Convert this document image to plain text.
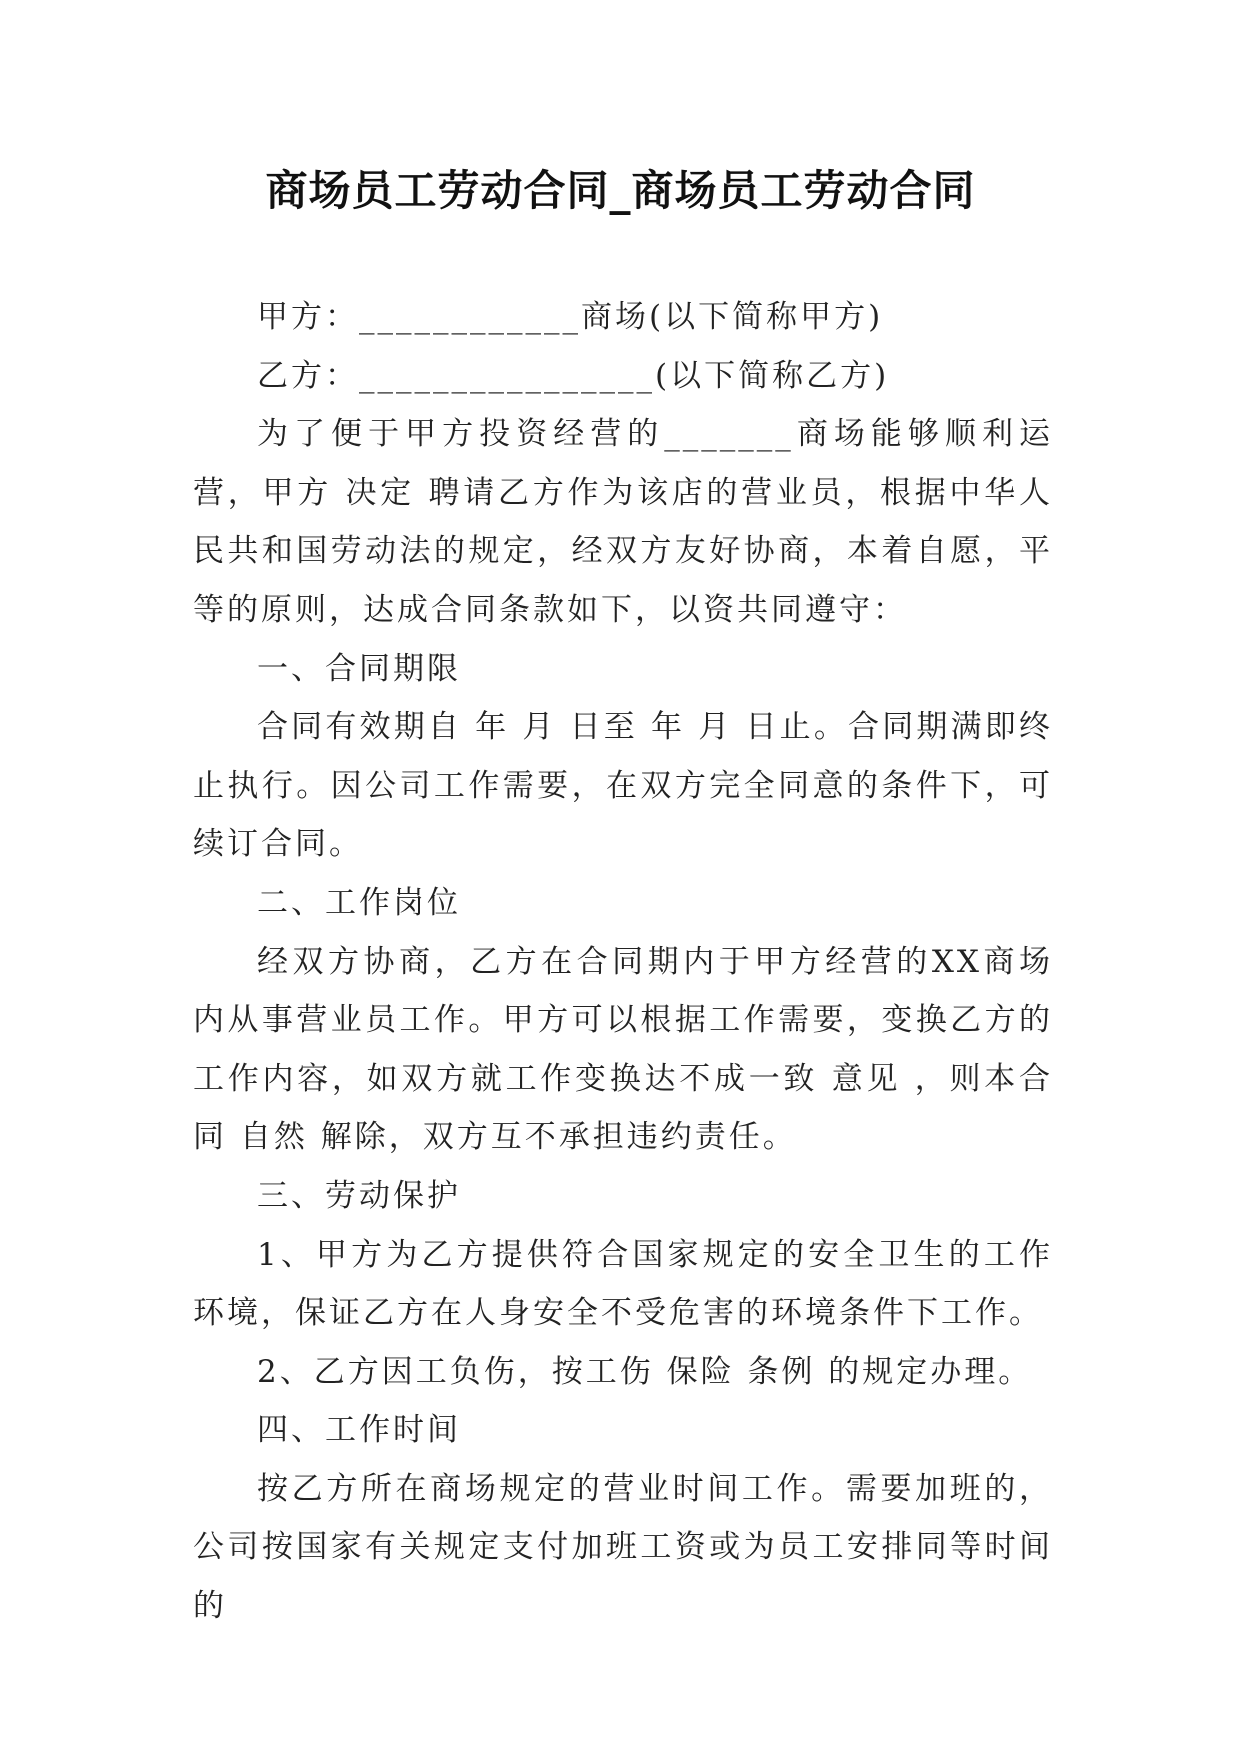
商场员工劳动合同_商场员工劳动合同

甲方：____________商场(以下简称甲方)

乙方：________________(以下简称乙方)

为了便于甲方投资经营的_______商场能够顺利运营，甲方 决定 聘请乙方作为该店的营业员，根据中华人民共和国劳动法的规定，经双方友好协商，本着自愿，平等的原则，达成合同条款如下，以资共同遵守：

一、合同期限

合同有效期自 年 月 日至 年 月 日止。合同期满即终止执行。因公司工作需要，在双方完全同意的条件下，可续订合同。

二、工作岗位

经双方协商，乙方在合同期内于甲方经营的XX商场内从事营业员工作。甲方可以根据工作需要，变换乙方的工作内容，如双方就工作变换达不成一致 意见 ，则本合同 自然 解除，双方互不承担违约责任。

三、劳动保护

1、甲方为乙方提供符合国家规定的安全卫生的工作环境，保证乙方在人身安全不受危害的环境条件下工作。

2、乙方因工负伤，按工伤 保险 条例 的规定办理。

四、工作时间

按乙方所在商场规定的营业时间工作。需要加班的，公司按国家有关规定支付加班工资或为员工安排同等时间的
